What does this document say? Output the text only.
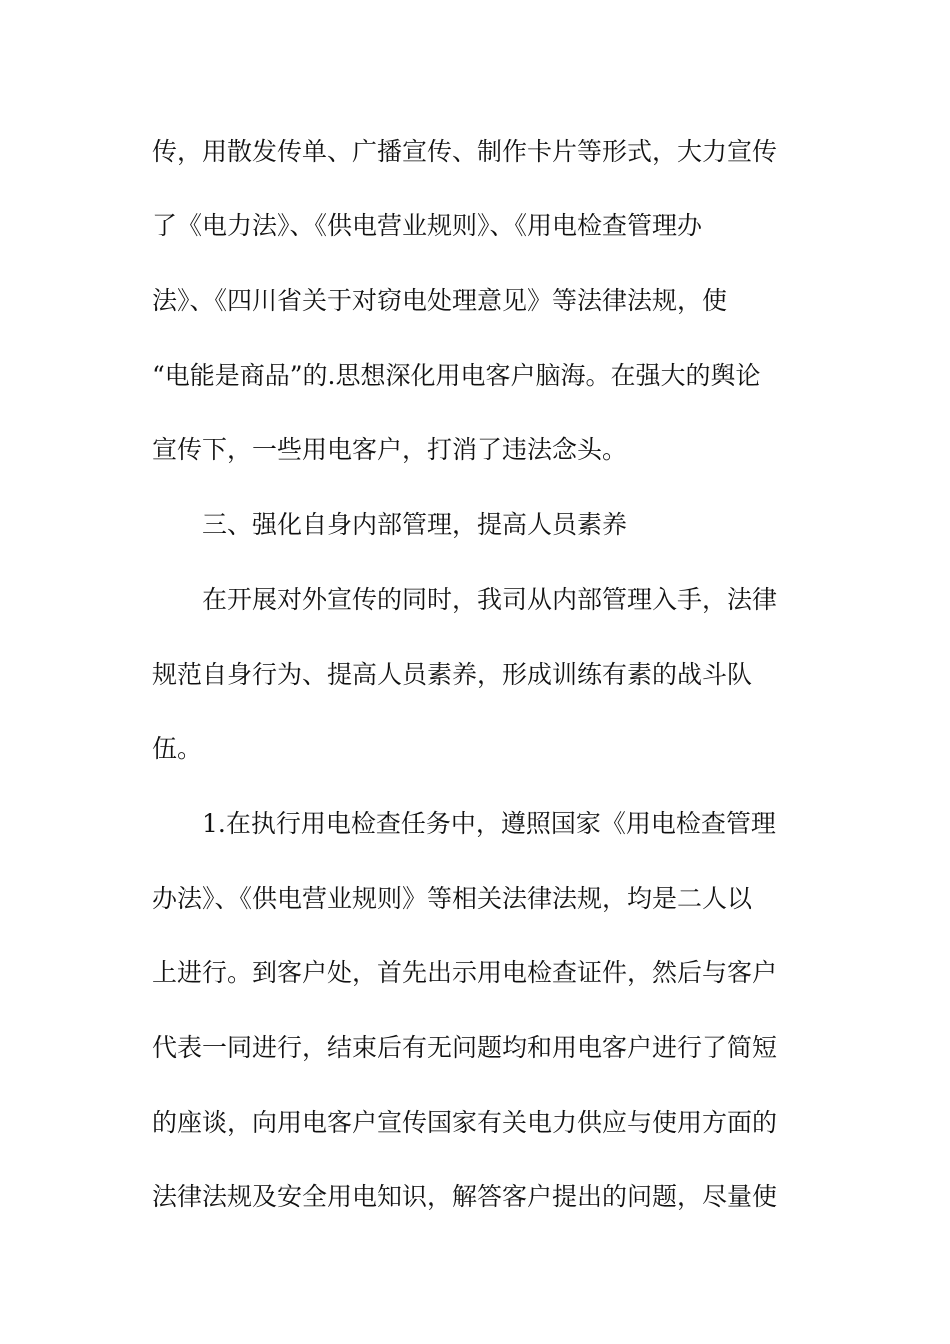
传，用散发传单、广播宣传、制作卡片等形式，大力宣传
了《电力法》、《供电营业规则》、《用电检查管理办
法》、《四川省关于对窃电处理意见》等法律法规，使
“电能是商品”的.思想深化用电客户脑海。在强大的舆论
宣传下，一些用电客户，打消了违法念头。
三、强化自身内部管理，提高人员素养
在开展对外宣传的同时，我司从内部管理入手，法律
规范自身行为、提高人员素养，形成训练有素的战斗队
伍。
1.在执行用电检查任务中，遵照国家《用电检查管理
办法》、《供电营业规则》等相关法律法规，均是二人以
上进行。到客户处，首先出示用电检查证件，然后与客户
代表一同进行，结束后有无问题均和用电客户进行了简短
的座谈，向用电客户宣传国家有关电力供应与使用方面的
法律法规及安全用电知识，解答客户提出的问题，尽量使
